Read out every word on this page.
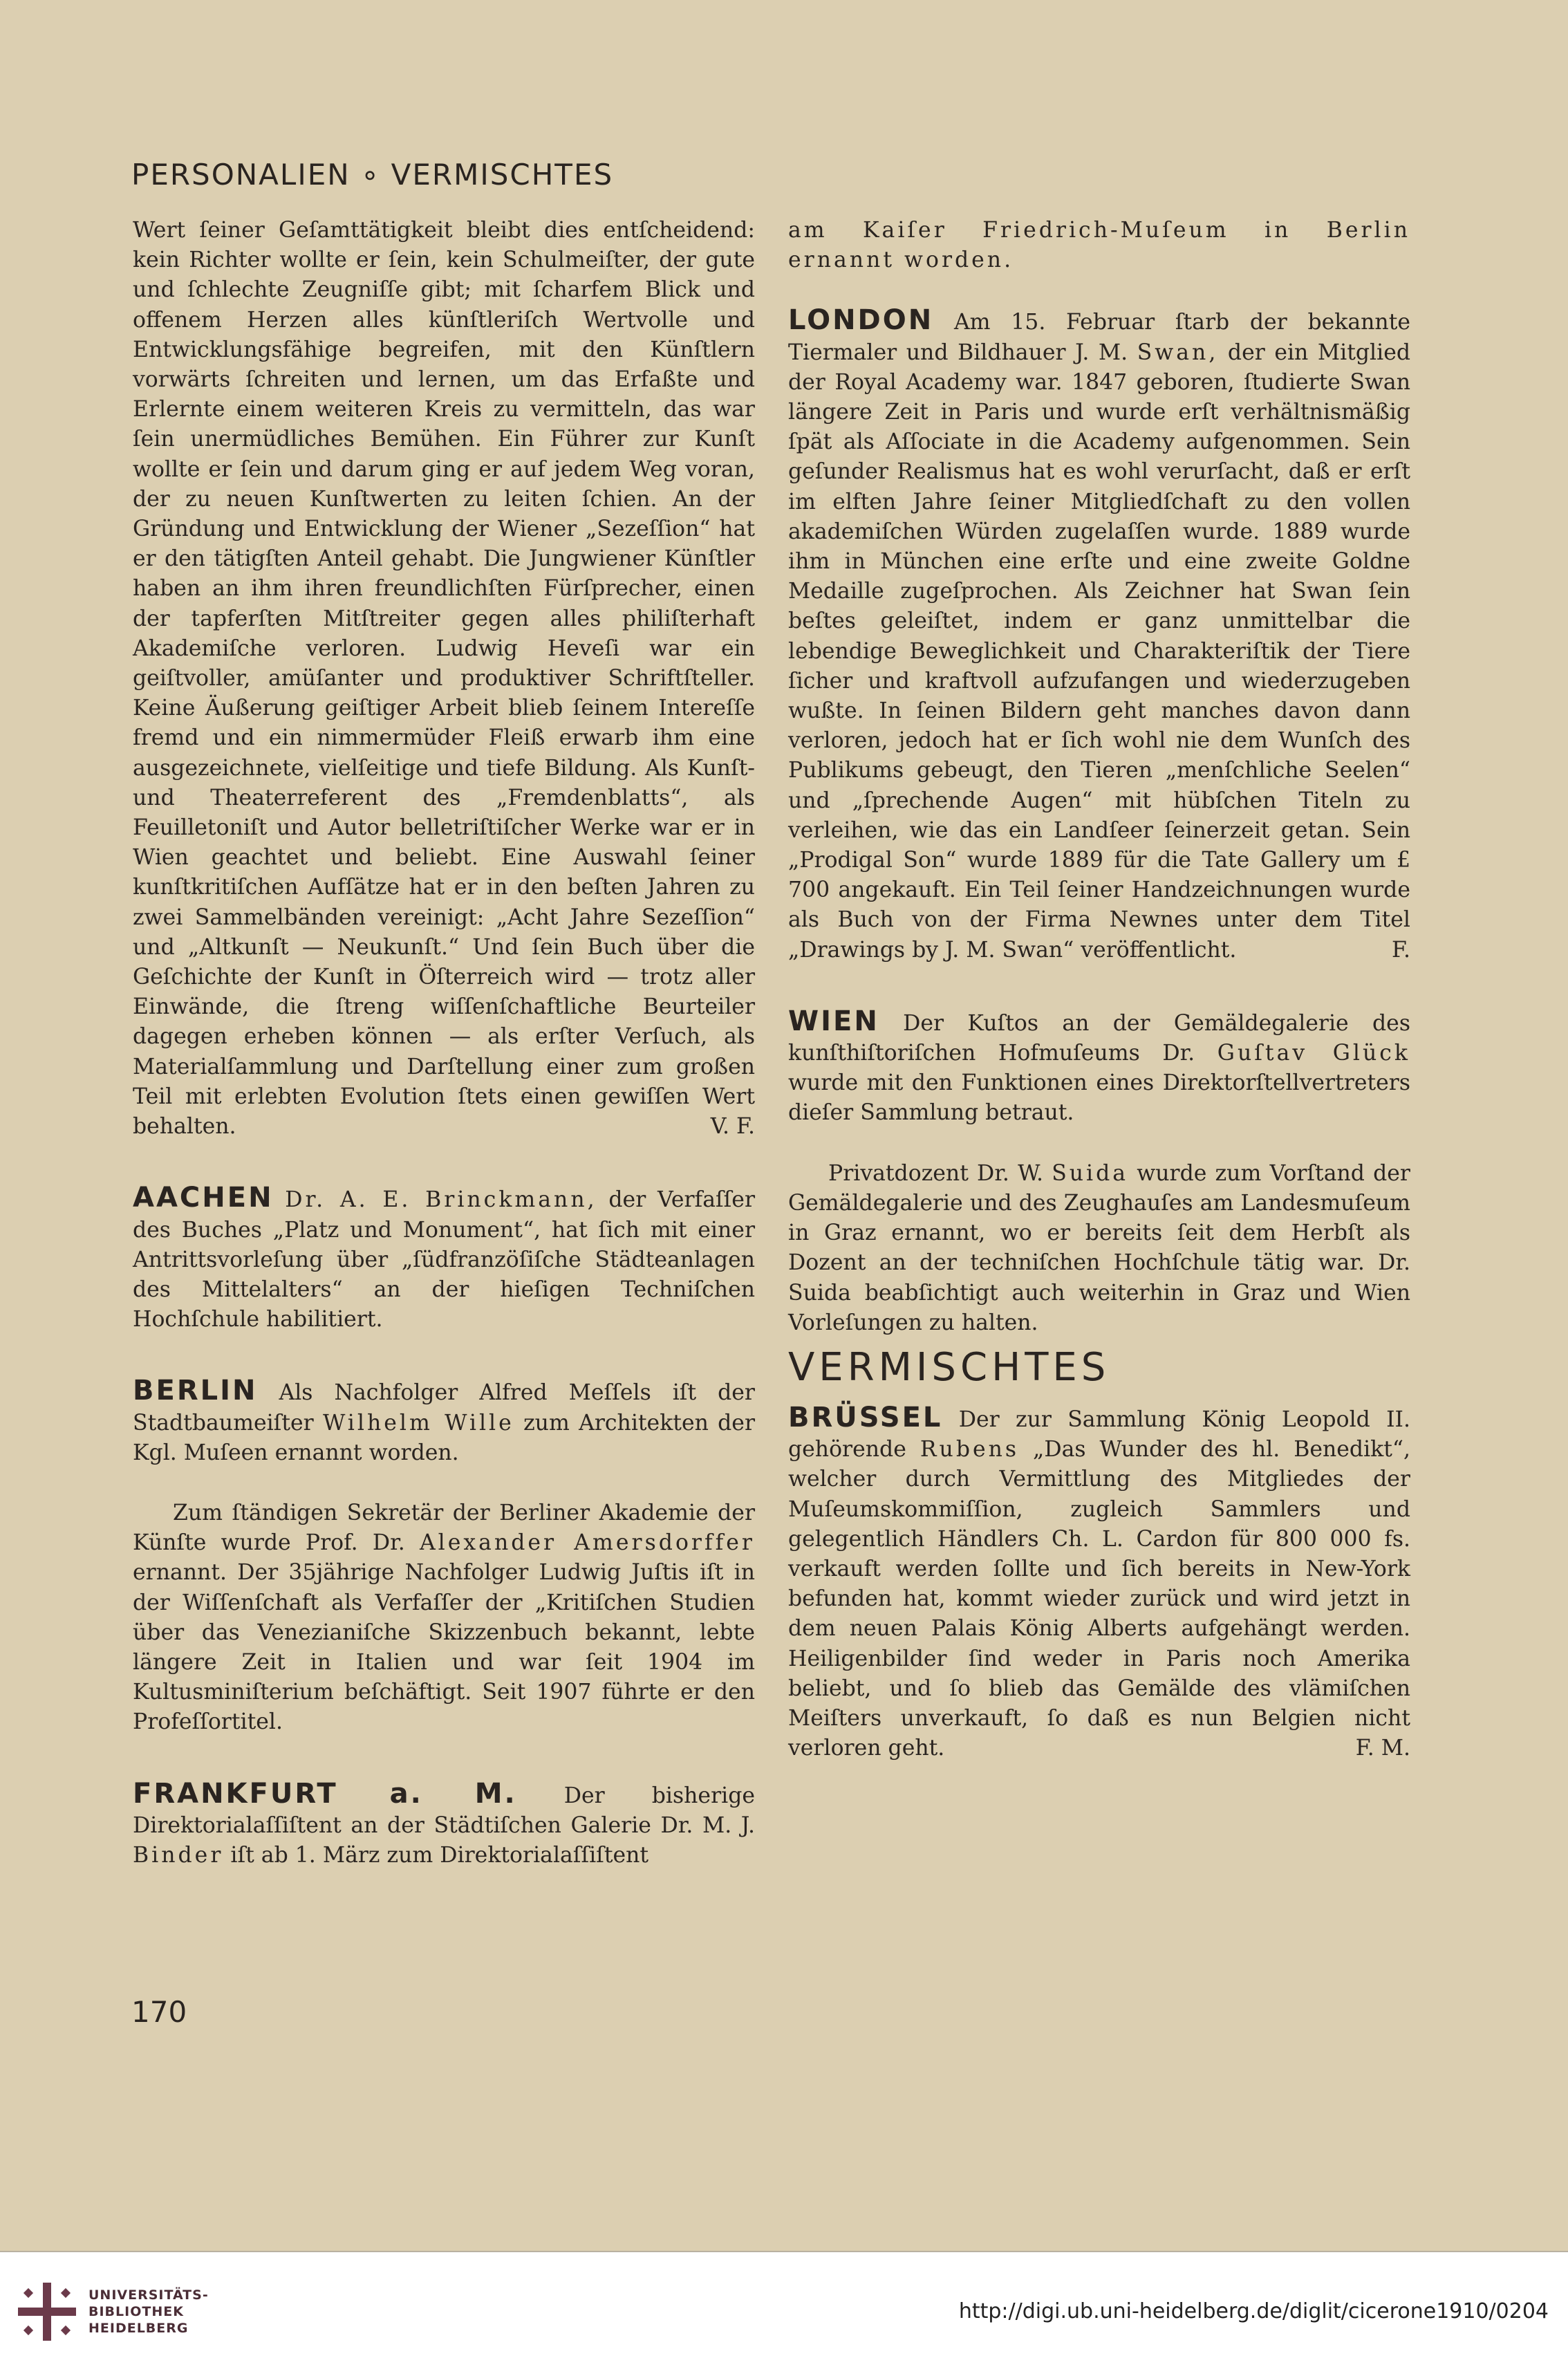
PERSONALIEN ∘ VERMISCHTES

Wert ſeiner Geſamttätigkeit bleibt dies entſcheidend: kein Richter wollte er ſein, kein Schulmeiſter, der gute und ſchlechte Zeugniſſe gibt; mit ſcharfem Blick und offenem Herzen alles künſtleriſch Wertvolle und Entwicklungsfähige begreifen, mit den Künſtlern vorwärts ſchreiten und lernen, um das Erfaßte und Erlernte einem weiteren Kreis zu vermitteln, das war ſein unermüdliches Bemühen. Ein Führer zur Kunſt wollte er ſein und darum ging er auf jedem Weg voran, der zu neuen Kunſtwerten zu leiten ſchien. An der Gründung und Entwicklung der Wiener „Sezeſſion“ hat er den tätigſten Anteil gehabt. Die Jungwiener Künſtler haben an ihm ihren freundlichſten Fürſprecher, einen der tapferſten Mitſtreiter gegen alles philiſterhaft Akademiſche verloren. Ludwig Heveſi war ein geiſtvoller, amüſanter und produktiver Schriftſteller. Keine Äußerung geiſtiger Arbeit blieb ſeinem Intereſſe fremd und ein nimmermüder Fleiß erwarb ihm eine ausgezeichnete, vielſeitige und tiefe Bildung. Als Kunſt- und Theaterreferent des „Fremdenblatts“, als Feuilletoniſt und Autor belletriſtiſcher Werke war er in Wien geachtet und beliebt. Eine Auswahl ſeiner kunſtkritiſchen Aufſätze hat er in den beſten Jahren zu zwei Sammelbänden vereinigt: „Acht Jahre Sezeſſion“ und „Altkunſt — Neukunſt.“ Und ſein Buch über die Geſchichte der Kunſt in Öſterreich wird — trotz aller Einwände, die ſtreng wiſſenſchaftliche Beurteiler dagegen erheben können — als erſter Verſuch, als Materialſammlung und Darſtellung einer zum großen Teil mit erlebten Evolution ſtets einen gewiſſen Wert behalten.	V. F.

AACHEN Dr. A. E. Brinckmann, der Verfaſſer des Buches „Platz und Monument“, hat ſich mit einer Antrittsvorleſung über „ſüdfranzöſiſche Städteanlagen des Mittelalters“ an der hieſigen Techniſchen Hochſchule habilitiert.

BERLIN Als Nachfolger Alfred Meſſels iſt der Stadtbaumeiſter Wilhelm Wille zum Architekten der Kgl. Muſeen ernannt worden.

Zum ſtändigen Sekretär der Berliner Akademie der Künſte wurde Prof. Dr. Alexander Amersdorffer ernannt. Der 35jährige Nachfolger Ludwig Juſtis iſt in der Wiſſenſchaft als Verfaſſer der „Kritiſchen Studien über das Venezianiſche Skizzenbuch bekannt, lebte längere Zeit in Italien und war ſeit 1904 im Kultusminiſterium beſchäftigt. Seit 1907 führte er den Profeſſortitel.

FRANKFURT a. M. Der bisherige Direktorialaſſiſtent an der Städtiſchen Galerie Dr. M. J. Binder iſt ab 1. März zum Direktorialaſſiſtent

am Kaiſer Friedrich-Muſeum in Berlin ernannt worden.

LONDON Am 15. Februar ſtarb der bekannte Tiermaler und Bildhauer J. M. Swan, der ein Mitglied der Royal Academy war. 1847 geboren, ſtudierte Swan längere Zeit in Paris und wurde erſt verhältnismäßig ſpät als Aſſociate in die Academy aufgenommen. Sein geſunder Realismus hat es wohl verurſacht, daß er erſt im elften Jahre ſeiner Mitgliedſchaft zu den vollen akademiſchen Würden zugelaſſen wurde. 1889 wurde ihm in München eine erſte und eine zweite Goldne Medaille zugeſprochen. Als Zeichner hat Swan ſein beſtes geleiſtet, indem er ganz unmittelbar die lebendige Beweglichkeit und Charakteriſtik der Tiere ſicher und kraftvoll aufzufangen und wiederzugeben wußte. In ſeinen Bildern geht manches davon dann verloren, jedoch hat er ſich wohl nie dem Wunſch des Publikums gebeugt, den Tieren „menſchliche Seelen“ und „ſprechende Augen“ mit hübſchen Titeln zu verleihen, wie das ein Landſeer ſeinerzeit getan. Sein „Prodigal Son“ wurde 1889 für die Tate Gallery um £ 700 angekauft. Ein Teil ſeiner Handzeichnungen wurde als Buch von der Firma Newnes unter dem Titel „Drawings by J. M. Swan“ veröffentlicht.	F.

WIEN Der Kuſtos an der Gemäldegalerie des kunſthiſtoriſchen Hofmuſeums Dr. Guſtav Glück wurde mit den Funktionen eines Direktorſtellvertreters dieſer Sammlung betraut.

Privatdozent Dr. W. Suida wurde zum Vorſtand der Gemäldegalerie und des Zeughauſes am Landesmuſeum in Graz ernannt, wo er bereits ſeit dem Herbſt als Dozent an der techniſchen Hochſchule tätig war. Dr. Suida beabſichtigt auch weiterhin in Graz und Wien Vorleſungen zu halten.

VERMISCHTES

BRÜSSEL Der zur Sammlung König Leopold II. gehörende Rubens „Das Wunder des hl. Benedikt“, welcher durch Vermittlung des Mitgliedes der Muſeumskommiſſion, zugleich Sammlers und gelegentlich Händlers Ch. L. Cardon für 800 000 fs. verkauft werden ſollte und ſich bereits in New-York befunden hat, kommt wieder zurück und wird jetzt in dem neuen Palais König Alberts aufgehängt werden. Heiligenbilder ſind weder in Paris noch Amerika beliebt, und ſo blieb das Gemälde des vlämiſchen Meiſters unverkauft, ſo daß es nun Belgien nicht verloren geht.	F. M.

170
UNIVERSITÄTS-
BIBLIOTHEK
HEIDELBERG
http://digi.ub.uni-heidelberg.de/diglit/cicerone1910/0204
